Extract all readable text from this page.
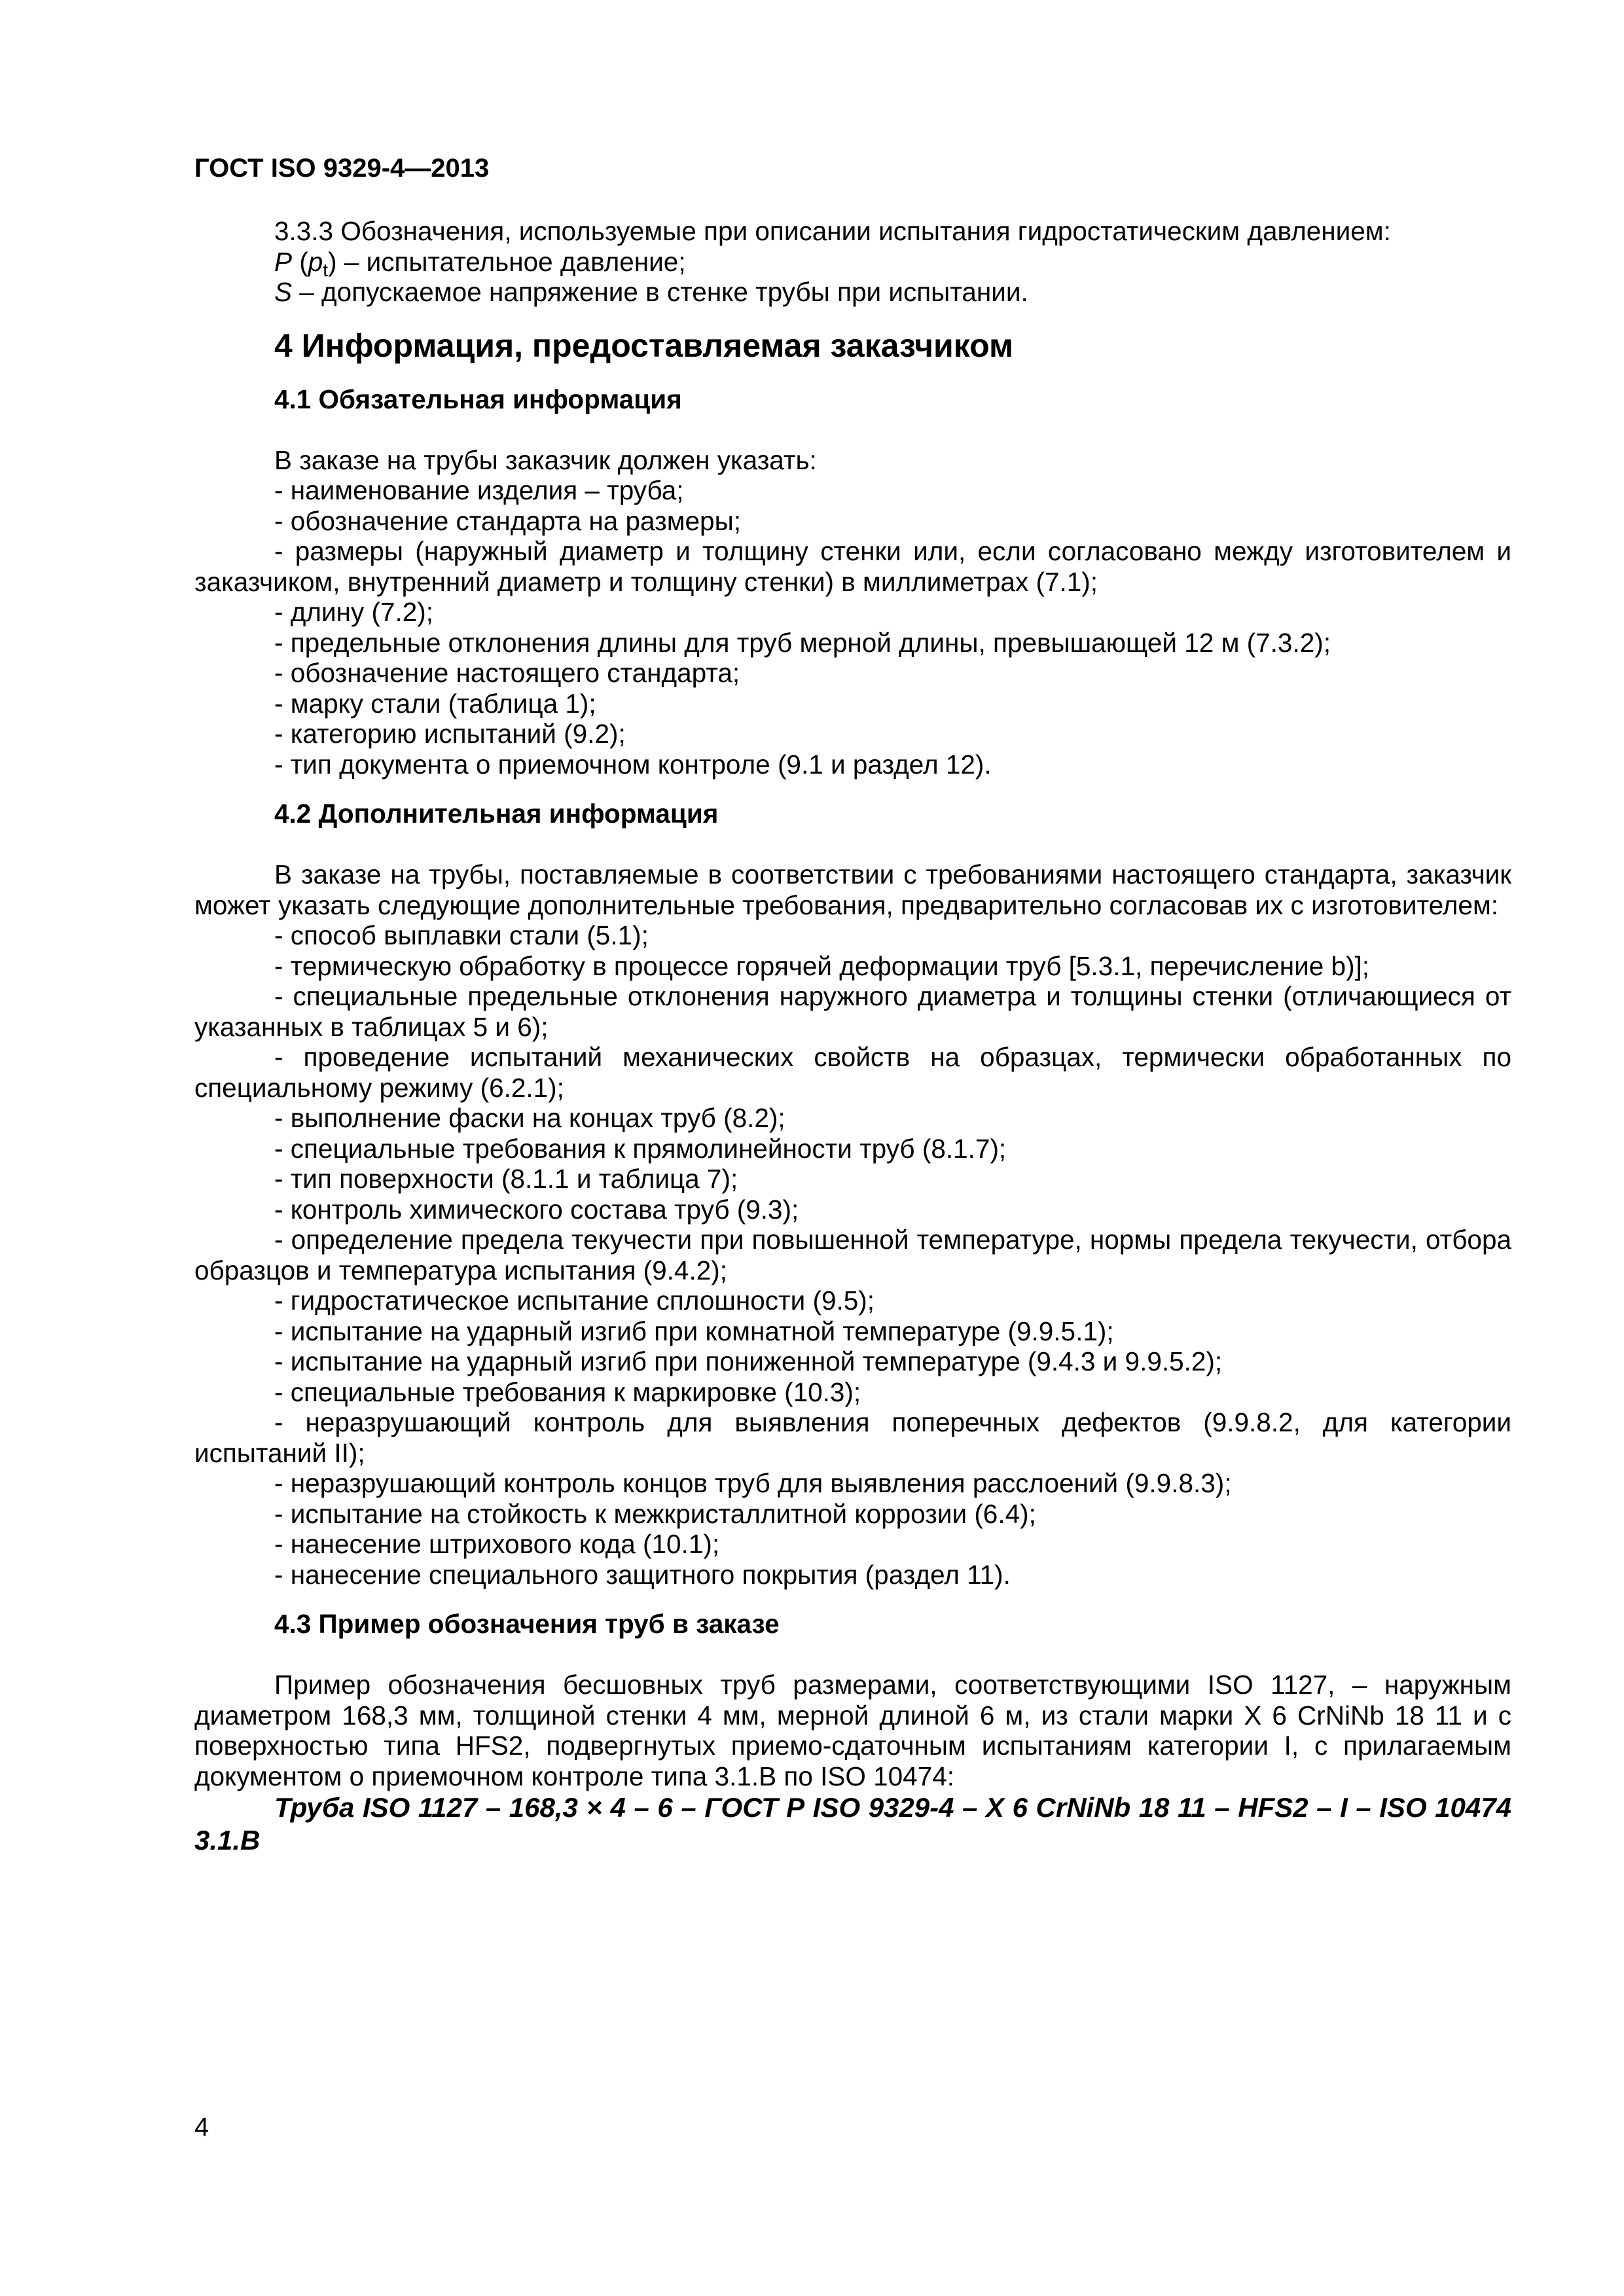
ГОСТ ISO 9329-4—2013

3.3.3 Обозначения, используемые при описании испытания гидростатическим давлением:

P $(p_t)$ – испытательное давление;

S – допускаемое напряжение в стенке трубы при испытании.

4 Информация, предоставляемая заказчиком
4.1 Обязательная информация

В заказе на трубы заказчик должен указать:

- наименование изделия – труба;

- обозначение стандарта на размеры;

- размеры (наружный диаметр и толщину стенки или, если согласовано между изготовителем и заказчиком, внутренний диаметр и толщину стенки) в миллиметрах (7.1);

- длину (7.2);

- предельные отклонения длины для труб мерной длины, превышающей 12 м (7.3.2);

- обозначение настоящего стандарта;

- марку стали (таблица 1);

- категорию испытаний (9.2);

- тип документа о приемочном контроле (9.1 и раздел 12).

4.2 Дополнительная информация

В заказе на трубы, поставляемые в соответствии с требованиями настоящего стандарта, заказчик может указать следующие дополнительные требования, предварительно согласовав их с изготовителем:

- способ выплавки стали (5.1);

- термическую обработку в процессе горячей деформации труб [5.3.1, перечисление b)];

- специальные предельные отклонения наружного диаметра и толщины стенки (отличающиеся от указанных в таблицах 5 и 6);

- проведение испытаний механических свойств на образцах, термически обработанных по специальному режиму (6.2.1);

- выполнение фаски на концах труб (8.2);

- специальные требования к прямолинейности труб (8.1.7);

- тип поверхности (8.1.1 и таблица 7);

- контроль химического состава труб (9.3);

- определение предела текучести при повышенной температуре, нормы предела текучести, отбора образцов и температура испытания (9.4.2);

- гидростатическое испытание сплошности (9.5);

- испытание на ударный изгиб при комнатной температуре (9.9.5.1);

- испытание на ударный изгиб при пониженной температуре (9.4.3 и 9.9.5.2);

- специальные требования к маркировке (10.3);

- неразрушающий контроль для выявления поперечных дефектов (9.9.8.2, для категории испытаний II);

- неразрушающий контроль концов труб для выявления расслоений (9.9.8.3);

- испытание на стойкость к межкристаллитной коррозии (6.4);

- нанесение штрихового кода (10.1);

- нанесение специального защитного покрытия (раздел 11).

4.3 Пример обозначения труб в заказе

Пример обозначения бесшовных труб размерами, соответствующими ISO 1127, – наружным диаметром 168,3 мм, толщиной стенки 4 мм, мерной длиной 6 м, из стали марки X 6 CrNiNb 18 11 и с поверхностью типа HFS2, подвергнутых приемо-сдаточным испытаниям категории I, с прилагаемым документом о приемочном контроле типа 3.1.B по ISO 10474:

Труба ISO 1127 – 168,3 × 4 – 6 – ГОСТ Р ISO 9329-4 – X 6 CrNiNb 18 11 – HFS2 – I – ISO 10474 3.1.B

4
